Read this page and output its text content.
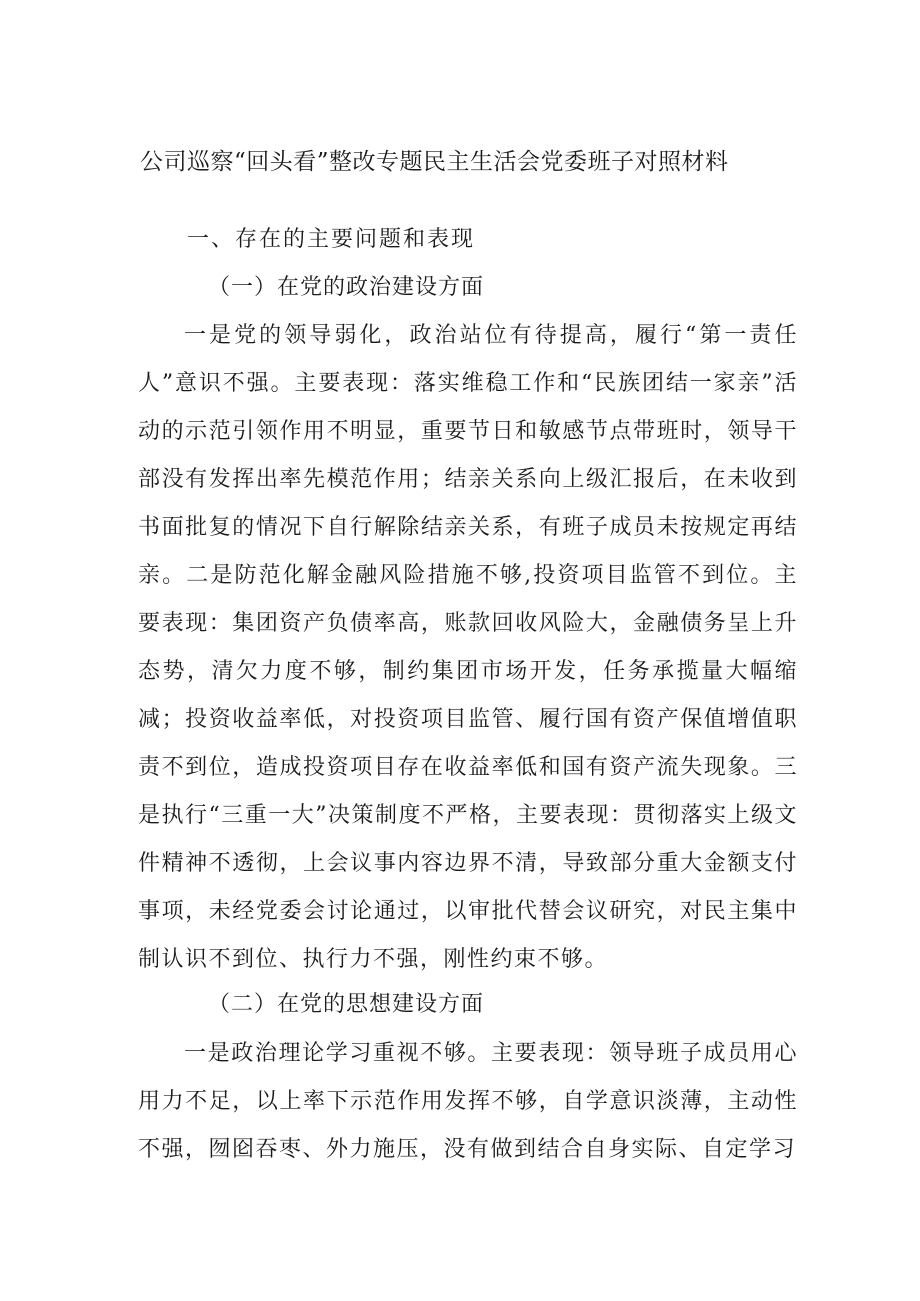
公司巡察“回头看”整改专题民主生活会党委班子对照材料
一、存在的主要问题和表现
（一）在党的政治建设方面

一是党的领导弱化，政治站位有待提高，履行“第一责任人”意识不强。主要表现：落实维稳工作和“民族团结一家亲”活动的示范引领作用不明显，重要节日和敏感节点带班时，领导干部没有发挥出率先模范作用；结亲关系向上级汇报后，在未收到书面批复的情况下自行解除结亲关系，有班子成员未按规定再结亲。二是防范化解金融风险措施不够,投资项目监管不到位。主要表现：集团资产负债率高，账款回收风险大，金融债务呈上升态势，清欠力度不够，制约集团市场开发，任务承揽量大幅缩减；投资收益率低，对投资项目监管、履行国有资产保值增值职责不到位，造成投资项目存在收益率低和国有资产流失现象。三是执行“三重一大”决策制度不严格，主要表现：贯彻落实上级文件精神不透彻，上会议事内容边界不清，导致部分重大金额支付事项，未经党委会讨论通过，以审批代替会议研究，对民主集中制认识不到位、执行力不强，刚性约束不够。

（二）在党的思想建设方面

一是政治理论学习重视不够。主要表现：领导班子成员用心用力不足，以上率下示范作用发挥不够，自学意识淡薄，主动性不强，囫囵吞枣、外力施压，没有做到结合自身实际、自定学习
